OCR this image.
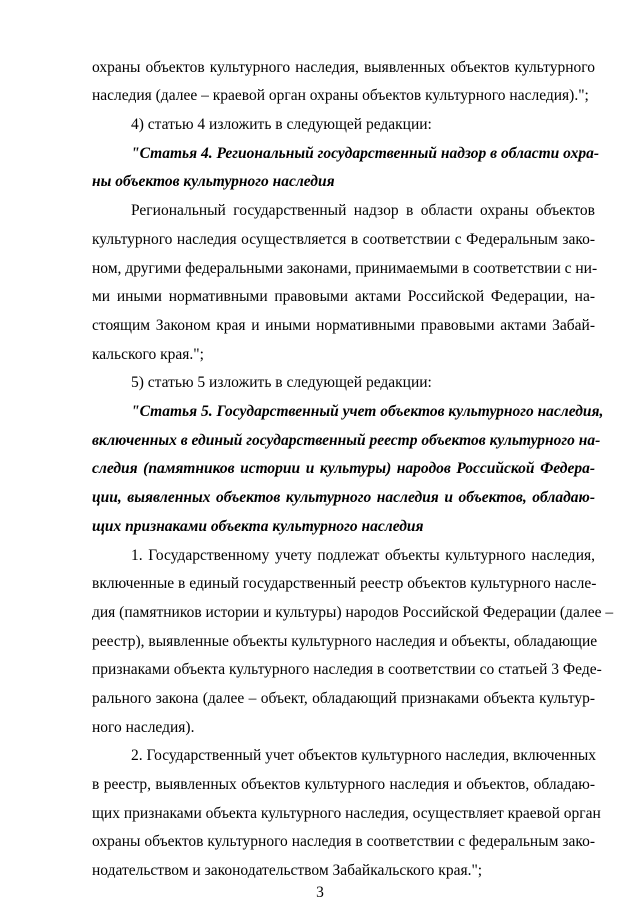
охраны объектов культурного наследия, выявленных объектов культурного
наследия (далее – краевой орган охраны объектов культурного наследия).";
4) статью 4 изложить в следующей редакции:
"Статья 4. Региональный государственный надзор в области охра-
ны объектов культурного наследия
Региональный государственный надзор в области охраны объектов
культурного наследия осуществляется в соответствии с Федеральным зако-
ном, другими федеральными законами, принимаемыми в соответствии с ни-
ми иными нормативными правовыми актами Российской Федерации, на-
стоящим Законом края и иными нормативными правовыми актами Забай-
кальского края.";
5) статью 5 изложить в следующей редакции:
"Статья 5. Государственный учет объектов культурного наследия,
включенных в единый государственный реестр объектов культурного на-
следия (памятников истории и культуры) народов Российской Федера-
ции, выявленных объектов культурного наследия и объектов, обладаю-
щих признаками объекта культурного наследия
1. Государственному учету подлежат объекты культурного наследия,
включенные в единый государственный реестр объектов культурного насле-
дия (памятников истории и культуры) народов Российской Федерации (далее –
реестр), выявленные объекты культурного наследия и объекты, обладающие
признаками объекта культурного наследия в соответствии со статьей 3 Феде-
рального закона (далее – объект, обладающий признаками объекта культур-
ного наследия).
2. Государственный учет объектов культурного наследия, включенных
в реестр, выявленных объектов культурного наследия и объектов, обладаю-
щих признаками объекта культурного наследия, осуществляет краевой орган
охраны объектов культурного наследия в соответствии с федеральным зако-
нодательством и законодательством Забайкальского края.";
3
